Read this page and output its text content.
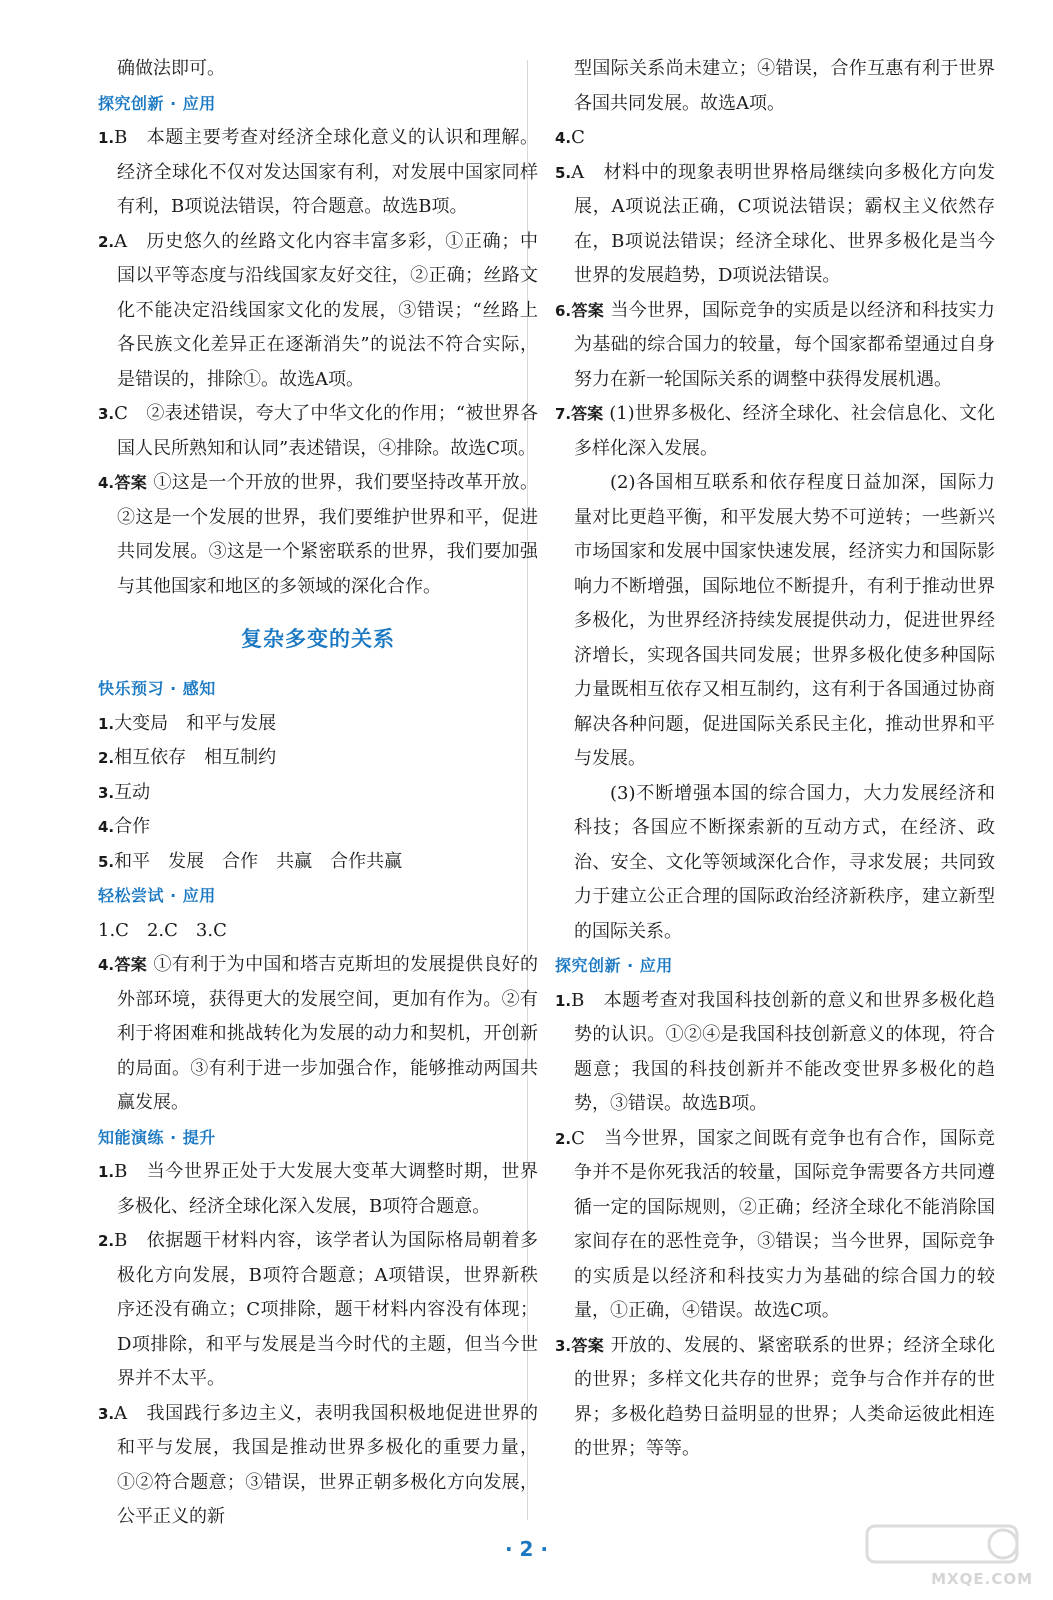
确做法即可。
探究创新 · 应用
1.B　本题主要考查对经济全球化意义的认识和理解。经济全球化不仅对发达国家有利，对发展中国家同样有利，B项说法错误，符合题意。故选B项。
2.A　历史悠久的丝路文化内容丰富多彩，①正确；中国以平等态度与沿线国家友好交往，②正确；丝路文化不能决定沿线国家文化的发展，③错误；“丝路上各民族文化差异正在逐渐消失”的说法不符合实际，是错误的，排除①。故选A项。
3.C　②表述错误，夸大了中华文化的作用；“被世界各国人民所熟知和认同”表述错误，④排除。故选C项。
4.答案 ①这是一个开放的世界，我们要坚持改革开放。②这是一个发展的世界，我们要维护世界和平，促进共同发展。③这是一个紧密联系的世界，我们要加强与其他国家和地区的多领域的深化合作。
复杂多变的关系
快乐预习 · 感知
1.大变局　和平与发展
2.相互依存　相互制约
3.互动
4.合作
5.和平　发展　合作　共赢　合作共赢
轻松尝试 · 应用
1.C　2.C　3.C
4.答案 ①有利于为中国和塔吉克斯坦的发展提供良好的外部环境，获得更大的发展空间，更加有作为。②有利于将困难和挑战转化为发展的动力和契机，开创新的局面。③有利于进一步加强合作，能够推动两国共赢发展。
知能演练 · 提升
1.B　当今世界正处于大发展大变革大调整时期，世界多极化、经济全球化深入发展，B项符合题意。
2.B　依据题干材料内容，该学者认为国际格局朝着多极化方向发展，B项符合题意；A项错误，世界新秩序还没有确立；C项排除，题干材料内容没有体现；D项排除，和平与发展是当今时代的主题，但当今世界并不太平。
3.A　我国践行多边主义，表明我国积极地促进世界的和平与发展，我国是推动世界多极化的重要力量，①②符合题意；③错误，世界正朝多极化方向发展，公平正义的新
型国际关系尚未建立；④错误，合作互惠有利于世界各国共同发展。故选A项。
4.C
5.A　材料中的现象表明世界格局继续向多极化方向发展，A项说法正确，C项说法错误；霸权主义依然存在，B项说法错误；经济全球化、世界多极化是当今世界的发展趋势，D项说法错误。
6.答案 当今世界，国际竞争的实质是以经济和科技实力为基础的综合国力的较量，每个国家都希望通过自身努力在新一轮国际关系的调整中获得发展机遇。
7.答案 (1)世界多极化、经济全球化、社会信息化、文化多样化深入发展。
(2)各国相互联系和依存程度日益加深，国际力量对比更趋平衡，和平发展大势不可逆转；一些新兴市场国家和发展中国家快速发展，经济实力和国际影响力不断增强，国际地位不断提升，有利于推动世界多极化，为世界经济持续发展提供动力，促进世界经济增长，实现各国共同发展；世界多极化使多种国际力量既相互依存又相互制约，这有利于各国通过协商解决各种问题，促进国际关系民主化，推动世界和平与发展。
(3)不断增强本国的综合国力，大力发展经济和科技；各国应不断探索新的互动方式，在经济、政治、安全、文化等领域深化合作，寻求发展；共同致力于建立公正合理的国际政治经济新秩序，建立新型的国际关系。
探究创新 · 应用
1.B　本题考查对我国科技创新的意义和世界多极化趋势的认识。①②④是我国科技创新意义的体现，符合题意；我国的科技创新并不能改变世界多极化的趋势，③错误。故选B项。
2.C　当今世界，国家之间既有竞争也有合作，国际竞争并不是你死我活的较量，国际竞争需要各方共同遵循一定的国际规则，②正确；经济全球化不能消除国家间存在的恶性竞争，③错误；当今世界，国际竞争的实质是以经济和科技实力为基础的综合国力的较量，①正确，④错误。故选C项。
3.答案 开放的、发展的、紧密联系的世界；经济全球化的世界；多样文化共存的世界；竞争与合作并存的世界；多极化趋势日益明显的世界；人类命运彼此相连的世界；等等。
· 2 ·
MXQE.COM
